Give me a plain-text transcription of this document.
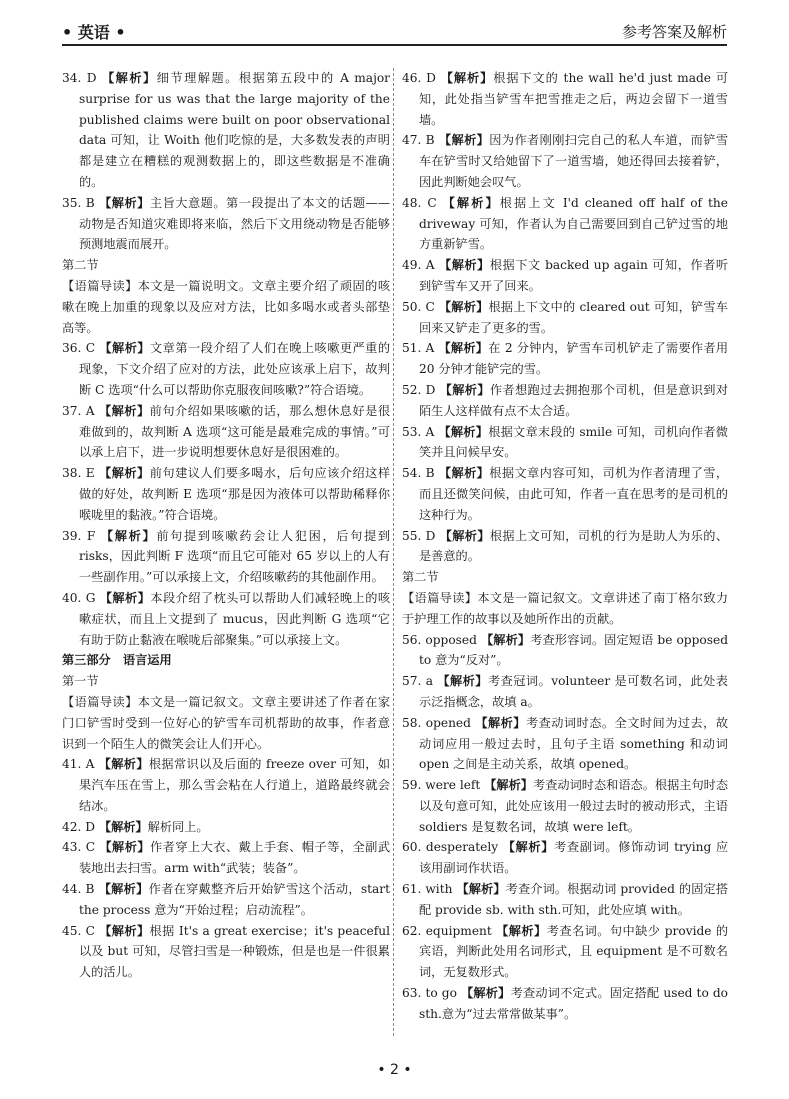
• 英语 •	参考答案及解析
34. D 【解析】细节理解题。根据第五段中的 A major surprise for us was that the large majority of the published claims were built on poor observational data 可知，让 Woith 他们吃惊的是，大多数发表的声明都是建立在糟糕的观测数据上的，即这些数据是不准确的。
35. B 【解析】主旨大意题。第一段提出了本文的话题——动物是否知道灾难即将来临，然后下文用绕动物是否能够预测地震而展开。
第二节
【语篇导读】本文是一篇说明文。文章主要介绍了顽固的咳嗽在晚上加重的现象以及应对方法，比如多喝水或者头部垫高等。
36. C 【解析】文章第一段介绍了人们在晚上咳嗽更严重的现象，下文介绍了应对的方法，此处应该承上启下，故判断 C 选项“什么可以帮助你克服夜间咳嗽?”符合语境。
37. A 【解析】前句介绍如果咳嗽的话，那么想休息好是很难做到的，故判断 A 选项“这可能是最难完成的事情。”可以承上启下，进一步说明想要休息好是很困难的。
38. E 【解析】前句建议人们要多喝水，后句应该介绍这样做的好处，故判断 E 选项“那是因为液体可以帮助稀释你喉咙里的黏液。”符合语境。
39. F 【解析】前句提到咳嗽药会让人犯困，后句提到 risks，因此判断 F 选项“而且它可能对 65 岁以上的人有一些副作用。”可以承接上文，介绍咳嗽药的其他副作用。
40. G 【解析】本段介绍了枕头可以帮助人们减轻晚上的咳嗽症状，而且上文提到了 mucus，因此判断 G 选项“它有助于防止黏液在喉咙后部聚集。”可以承接上文。
第三部分　语言运用
第一节
【语篇导读】本文是一篇记叙文。文章主要讲述了作者在家门口铲雪时受到一位好心的铲雪车司机帮助的故事，作者意识到一个陌生人的微笑会让人们开心。
41. A 【解析】根据常识以及后面的 freeze over 可知，如果汽车压在雪上，那么雪会粘在人行道上，道路最终就会结冰。
42. D 【解析】解析同上。
43. C 【解析】作者穿上大衣、戴上手套、帽子等，全副武装地出去扫雪。arm with“武装；装备”。
44. B 【解析】作者在穿戴整齐后开始铲雪这个活动，start the process 意为“开始过程；启动流程”。
45. C 【解析】根据 It's a great exercise；it's peaceful 以及 but 可知，尽管扫雪是一种锻炼，但是也是一件很累人的活儿。
46. D 【解析】根据下文的 the wall he'd just made 可知，此处指当铲雪车把雪推走之后，两边会留下一道雪墙。
47. B 【解析】因为作者刚刚扫完自己的私人车道，而铲雪车在铲雪时又给她留下了一道雪墙，她还得回去接着铲，因此判断她会叹气。
48. C 【解析】根据上文 I'd cleaned off half of the driveway 可知，作者认为自己需要回到自己铲过雪的地方重新铲雪。
49. A 【解析】根据下文 backed up again 可知，作者听到铲雪车又开了回来。
50. C 【解析】根据上下文中的 cleared out 可知，铲雪车回来又铲走了更多的雪。
51. A 【解析】在 2 分钟内，铲雪车司机铲走了需要作者用 20 分钟才能铲完的雪。
52. D 【解析】作者想跑过去拥抱那个司机，但是意识到对陌生人这样做有点不太合适。
53. A 【解析】根据文章末段的 smile 可知，司机向作者微笑并且问候早安。
54. B 【解析】根据文章内容可知，司机为作者清理了雪，而且还微笑问候，由此可知，作者一直在思考的是司机的这种行为。
55. D 【解析】根据上文可知，司机的行为是助人为乐的、是善意的。
第二节
【语篇导读】本文是一篇记叙文。文章讲述了南丁格尔致力于护理工作的故事以及她所作出的贡献。
56. opposed 【解析】考查形容词。固定短语 be opposed to 意为“反对”。
57. a 【解析】考查冠词。volunteer 是可数名词，此处表示泛指概念，故填 a。
58. opened 【解析】考查动词时态。全文时间为过去，故动词应用一般过去时，且句子主语 something 和动词 open 之间是主动关系，故填 opened。
59. were left 【解析】考查动词时态和语态。根据主句时态以及句意可知，此处应该用一般过去时的被动形式，主语 soldiers 是复数名词，故填 were left。
60. desperately 【解析】考查副词。修饰动词 trying 应该用副词作状语。
61. with 【解析】考查介词。根据动词 provided 的固定搭配 provide sb. with sth.可知，此处应填 with。
62. equipment 【解析】考查名词。句中缺少 provide 的宾语，判断此处用名词形式，且 equipment 是不可数名词，无复数形式。
63. to go 【解析】考查动词不定式。固定搭配 used to do sth.意为“过去常常做某事”。
• 2 •
